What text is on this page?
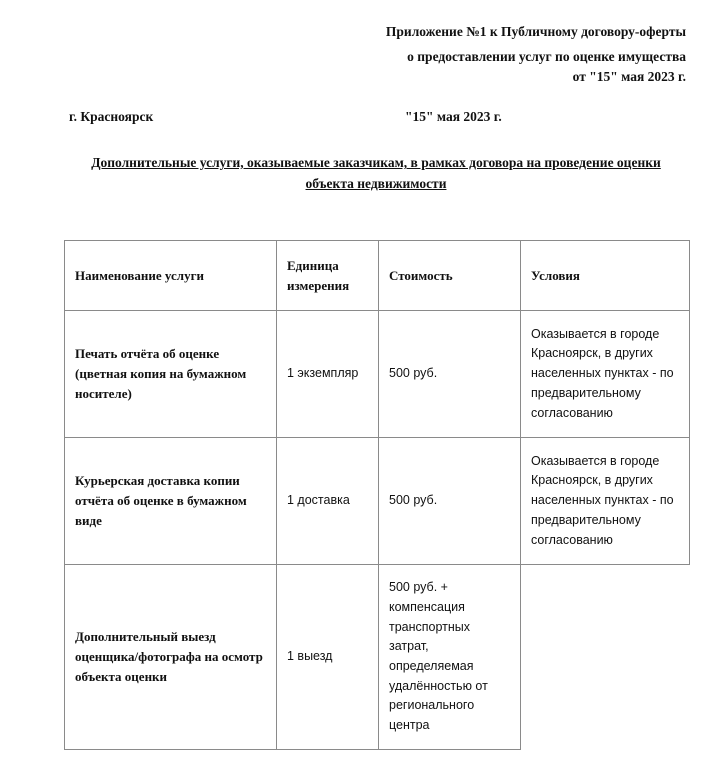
Приложение №1 к Публичному договору-оферты
о предоставлении услуг по оценке имущества
от "15" мая 2023 г.
г. Красноярск	"15" мая 2023 г.
Дополнительные услуги, оказываемые заказчикам, в рамках договора на проведение оценки
объекта недвижимости
Наименование услуги	Единица измерения	Стоимость	Условия
Печать отчёта об оценке (цветная копия на бумажном носителе)	1 экземпляр	500 руб.	Оказывается в городе Красноярск, в других населенных пунктах - по предварительному согласованию
Курьерская доставка копии отчёта об оценке в бумажном виде	1 доставка	500 руб.	Оказывается в городе Красноярск, в других населенных пунктах - по предварительному согласованию
Дополнительный выезд оценщика/фотографа на осмотр объекта оценки	1 выезд	500 руб. + компенсация транспортных затрат, определяемая удалённостью от регионального центра	
